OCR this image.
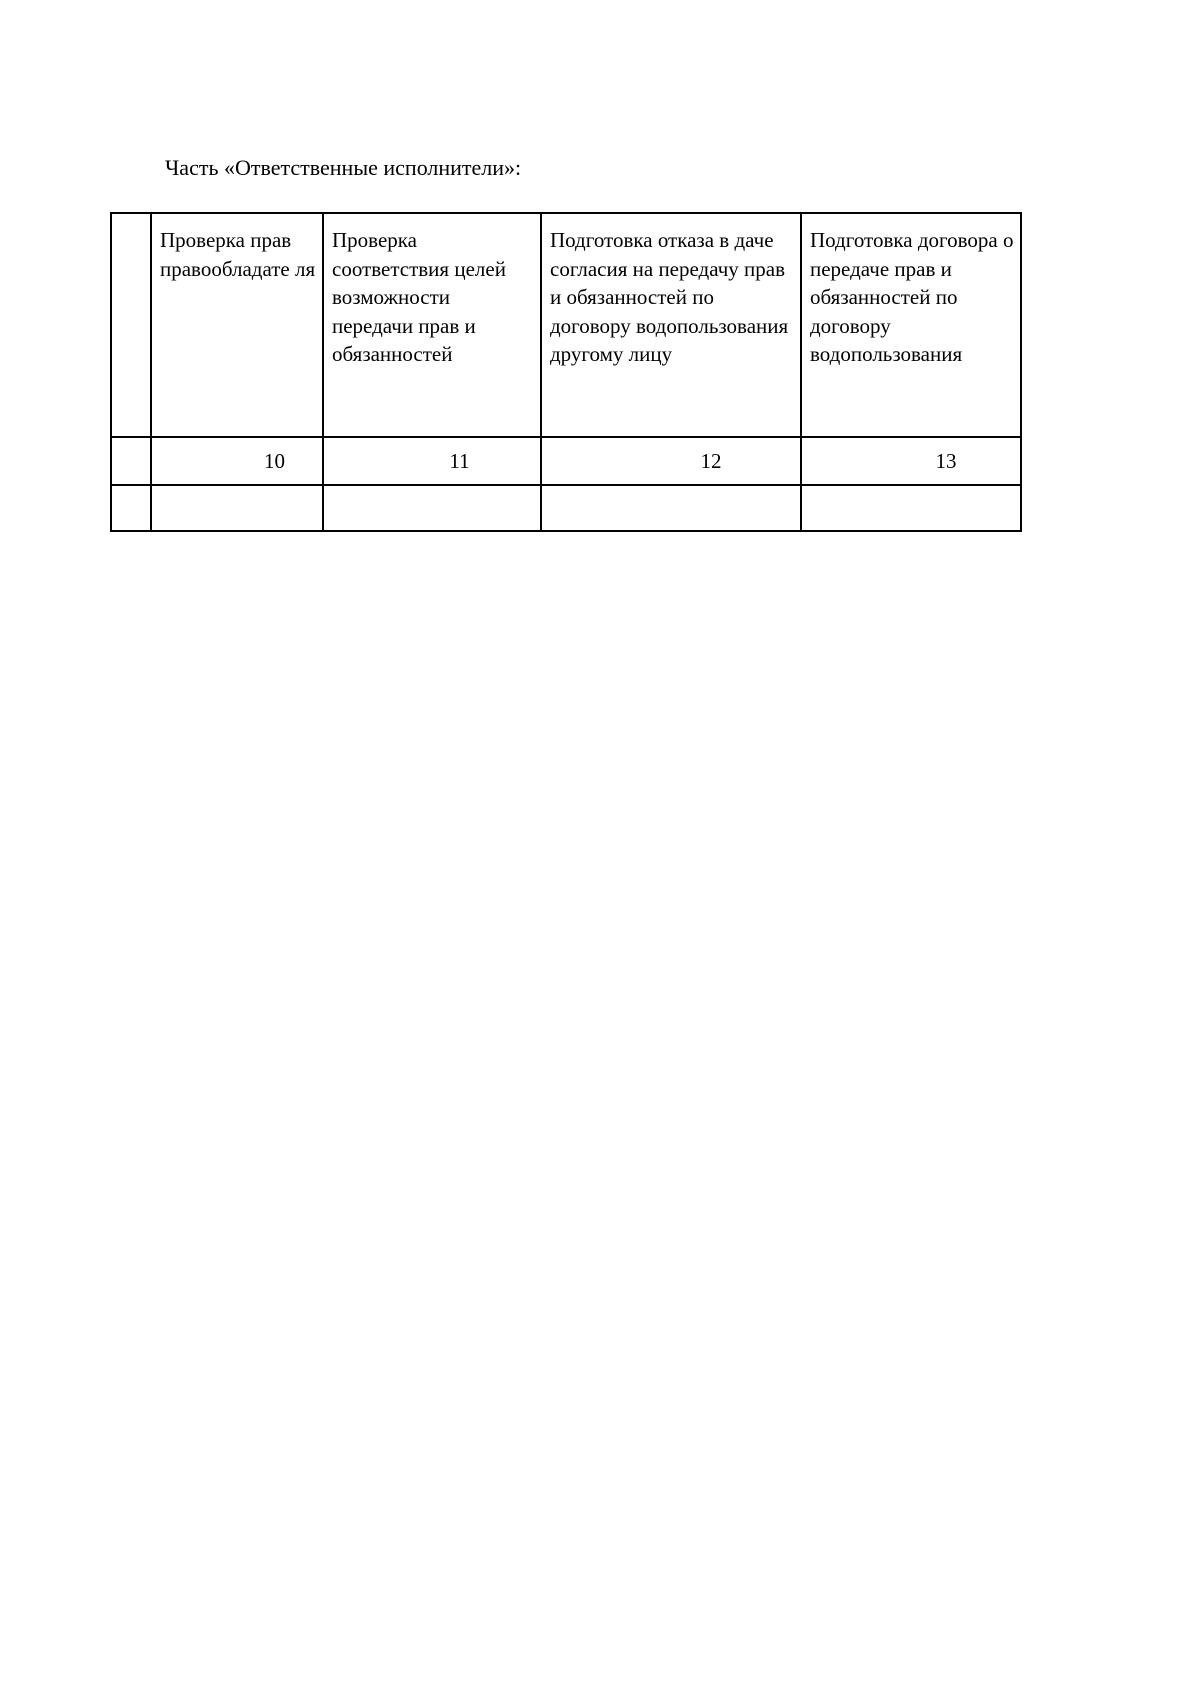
Часть «Ответственные исполнители»:

	Проверка прав правообладате ля	Проверка соответствия целей возможности передачи прав и обязанностей	Подготовка отказа в даче согласия на передачу прав и обязанностей по договору водопользования другому лицу	Подготовка договора о передаче прав и обязанностей по договору водопользования

	10	11	12	13
